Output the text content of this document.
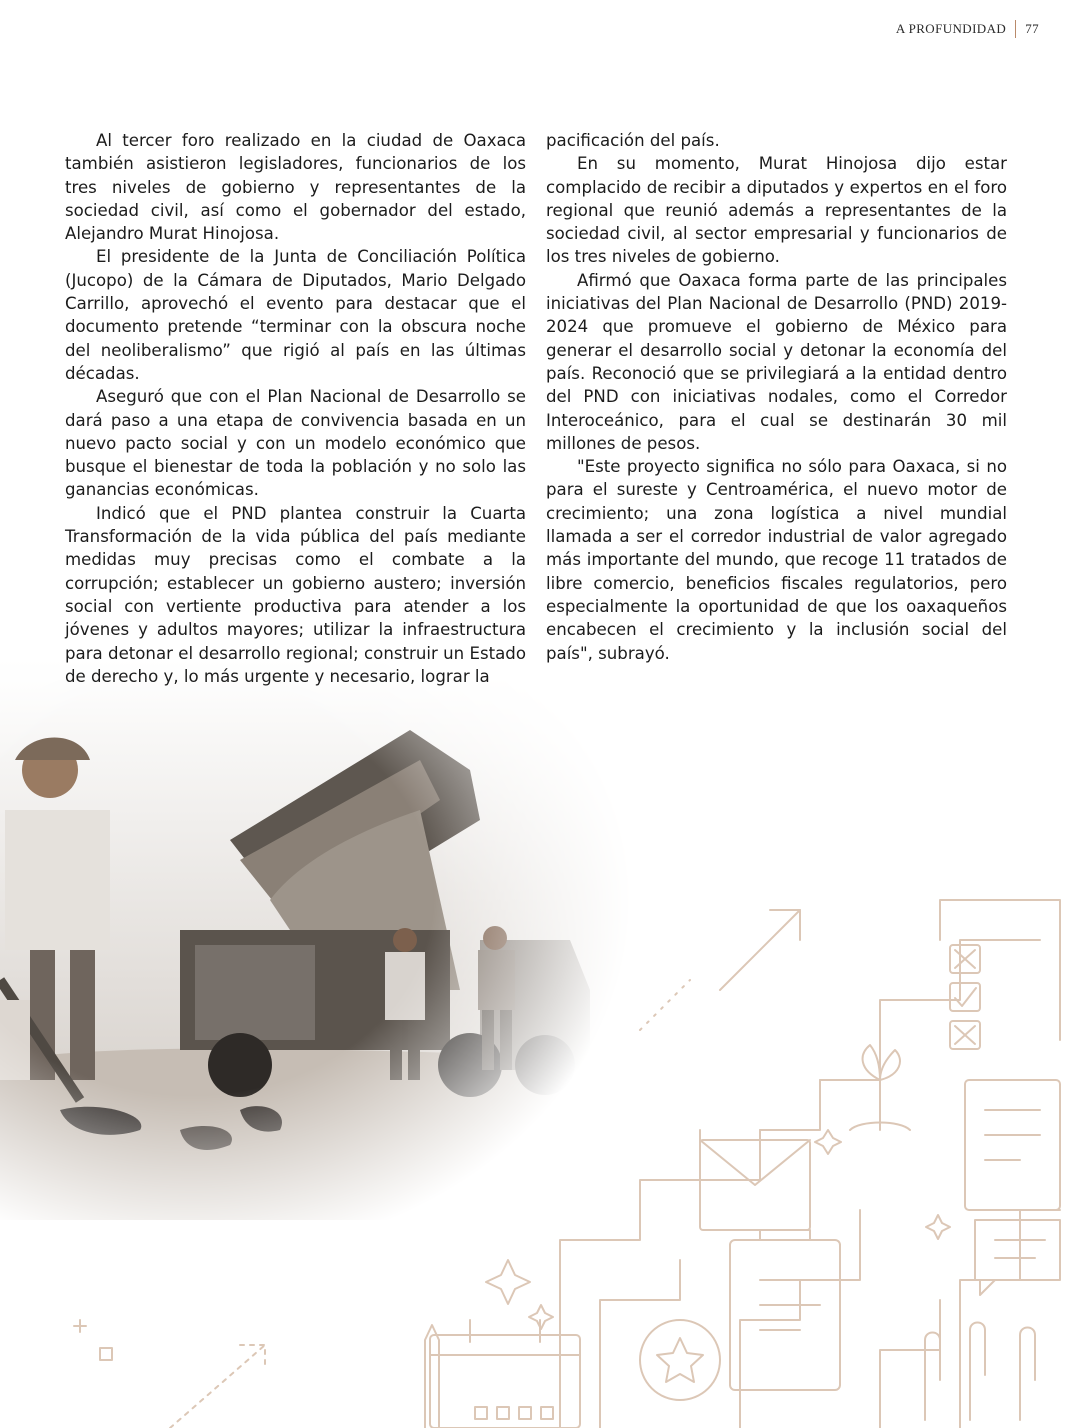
A PROFUNDIDAD 77

Al tercer foro realizado en la ciudad de Oaxaca también asistieron legisladores, funcionarios de los tres niveles de gobierno y representantes de la sociedad civil, así como el gobernador del estado, Alejandro Murat Hinojosa.

El presidente de la Junta de Conciliación Política (Jucopo) de la Cámara de Diputados, Mario Delgado Carrillo, aprovechó el evento para destacar que el documento pretende “terminar con la obscura noche del neoliberalismo” que rigió al país en las últimas décadas.

Aseguró que con el Plan Nacional de Desarrollo se dará paso a una etapa de convivencia basada en un nuevo pacto social y con un modelo económico que busque el bienestar de toda la población y no solo las ganancias económicas.

Indicó que el PND plantea construir la Cuarta Transformación de la vida pública del país mediante medidas muy precisas como el combate a la corrupción; establecer un gobierno austero; inversión social con vertiente productiva para atender a los jóvenes y adultos mayores; utilizar la infraestructura para detonar el desarrollo regional; construir un Estado de derecho y, lo más urgente y necesario, lograr la

pacificación del país.

En su momento, Murat Hinojosa dijo estar complacido de recibir a diputados y expertos en el foro regional que reunió además a representantes de la sociedad civil, al sector empresarial y funcionarios de los tres niveles de gobierno.

Afirmó que Oaxaca forma parte de las principales iniciativas del Plan Nacional de Desarrollo (PND) 2019-2024 que promueve el gobierno de México para generar el desarrollo social y detonar la economía del país. Reconoció que se privilegiará a la entidad dentro del PND con iniciativas nodales, como el Corredor Interoceánico, para el cual se destinarán 30 mil millones de pesos.

"Este proyecto significa no sólo para Oaxaca, si no para el sureste y Centroamérica, el nuevo motor de crecimiento; una zona logística a nivel mundial llamada a ser el corredor industrial de valor agregado más importante del mundo, que recoge 11 tratados de libre comercio, beneficios fiscales regulatorios, pero especialmente la oportunidad de que los oaxaqueños encabecen el crecimiento y la inclusión social del país", subrayó.
